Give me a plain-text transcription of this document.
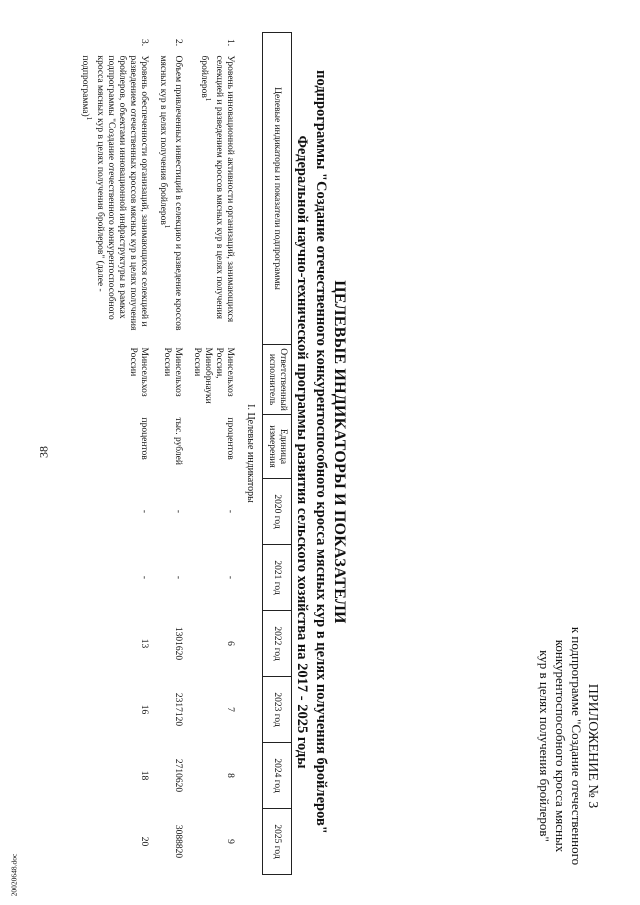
38
20020648.doc
ПРИЛОЖЕНИЕ № 3
к подпрограмме "Создание отечественного
конкурентоспособного кросса мясных
кур в целях получения бройлеров"
ЦЕЛЕВЫЕ ИНДИКАТОРЫ И ПОКАЗАТЕЛИ
подпрограммы "Создание отечественного конкурентоспособного кросса мясных кур в целях получения бройлеров"
Федеральной научно-технической программы развития сельского хозяйства на 2017 - 2025 годы
Целевые индикаторы и показатели подпрограммы		Ответственный исполнитель	Единица измерения	2020 год	2021 год	2022 год	2023 год	2024 год	2025 год
I. Целевые индикаторы									
1.	Уровень инновационной активности организаций, занимающихся селекцией и разведением кроссов мясных кур в целях получения бройлеров$^1$	Минсельхоз России, Минобрнауки России	процентов	-	-	6	7	8	9
2.	Объем привлеченных инвестиций в селекцию и разведение кроссов мясных кур в целях получения бройлеров$^1$	Минсельхоз России	тыс. рублей	-	-	1301620	2317120	2710620	3088820
3.	Уровень обеспеченности организаций, занимающихся селекцией и разведением отечественных кроссов мясных кур в целях получения бройлеров, объектами инновационной инфраструктуры в рамках подпрограммы "Создание отечественного конкурентоспособного кросса мясных кур в целях получения бройлеров" (далее - подпрограмма)$^1$	Минсельхоз России	процентов	-	-	13	16	18	20
